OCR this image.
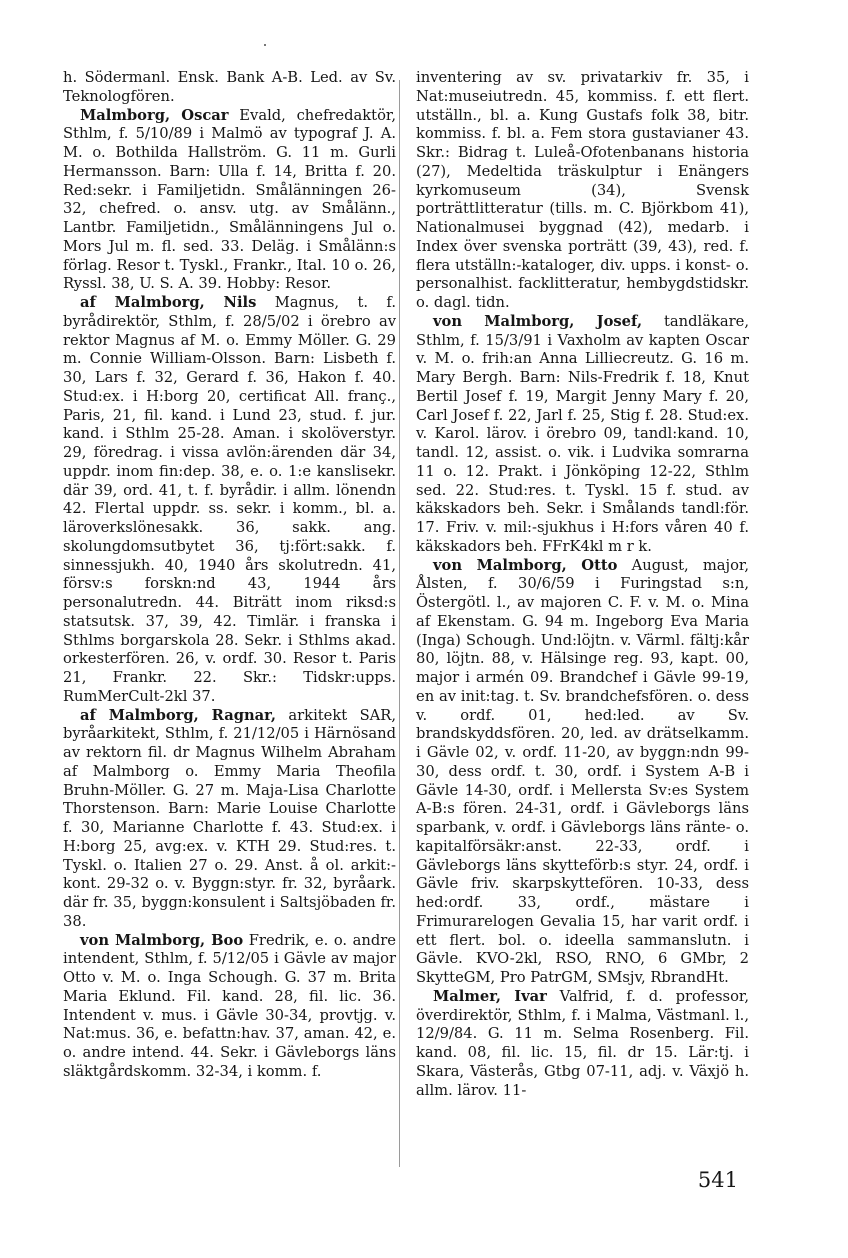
h. Södermanl. Ensk. Bank A-B. Led. av Sv. Teknologfören.

Malmborg, Oscar Evald, chefredaktör, Sthlm, f. 5/10/89 i Malmö av typograf J. A. M. o. Bothilda Hallström. G. 11 m. Gurli Hermansson. Barn: Ulla f. 14, Britta f. 20. Red:sekr. i Familjetidn. Smålänningen 26-32, chefred. o. ansv. utg. av Smålänn., Lantbr. Familjetidn., Smålänningens Jul o. Mors Jul m. fl. sed. 33. Deläg. i Smålänn:s förlag. Resor t. Tyskl., Frankr., Ital. 10 o. 26, Ryssl. 38, U. S. A. 39. Hobby: Resor.

af Malmborg, Nils Magnus, t. f. byrådirektör, Sthlm, f. 28/5/02 i örebro av rektor Magnus af M. o. Emmy Möller. G. 29 m. Connie William-Olsson. Barn: Lisbeth f. 30, Lars f. 32, Gerard f. 36, Hakon f. 40. Stud:ex. i H:borg 20, certificat All. franç., Paris, 21, fil. kand. i Lund 23, stud. f. jur. kand. i Sthlm 25-28. Aman. i skolöverstyr. 29, föredrag. i vissa avlön:ärenden där 34, uppdr. inom fin:dep. 38, e. o. 1:e kanslisekr. där 39, ord. 41, t. f. byrådir. i allm. lönendn 42. Flertal uppdr. ss. sekr. i komm., bl. a. läroverkslönesakk. 36, sakk. ang. skolungdomsutbytet 36, tj:fört:sakk. f. sinnessjukh. 40, 1940 års skolutredn. 41, försv:s forskn:nd 43, 1944 års personalutredn. 44. Biträtt inom riksd:s statsutsk. 37, 39, 42. Timlär. i franska i Sthlms borgarskola 28. Sekr. i Sthlms akad. orkesterfören. 26, v. ordf. 30. Resor t. Paris 21, Frankr. 22. Skr.: Tidskr:upps. RumMerCult-2kl 37.

af Malmborg, Ragnar, arkitekt SAR, byråarkitekt, Sthlm, f. 21/12/05 i Härnösand av rektorn fil. dr Magnus Wilhelm Abraham af Malmborg o. Emmy Maria Theofila Bruhn-Möller. G. 27 m. Maja-Lisa Charlotte Thorstenson. Barn: Marie Louise Charlotte f. 30, Marianne Charlotte f. 43. Stud:ex. i H:borg 25, avg:ex. v. KTH 29. Stud:res. t. Tyskl. o. Italien 27 o. 29. Anst. å ol. arkit:-kont. 29-32 o. v. Byggn:styr. fr. 32, byråark. där fr. 35, byggn:konsulent i Saltsjöbaden fr. 38.

von Malmborg, Boo Fredrik, e. o. andre intendent, Sthlm, f. 5/12/05 i Gävle av major Otto v. M. o. Inga Schough. G. 37 m. Brita Maria Eklund. Fil. kand. 28, fil. lic. 36. Intendent v. mus. i Gävle 30-34, provtjg. v. Nat:mus. 36, e. befattn:hav. 37, aman. 42, e. o. andre intend. 44. Sekr. i Gävleborgs läns släktgårdskomm. 32-34, i komm. f.

inventering av sv. privatarkiv fr. 35, i Nat:museiutredn. 45, kommiss. f. ett flert. utställn., bl. a. Kung Gustafs folk 38, bitr. kommiss. f. bl. a. Fem stora gustavianer 43. Skr.: Bidrag t. Luleå-Ofotenbanans historia (27), Medeltida träskulptur i Enängers kyrkomuseum (34), Svensk porträttlitteratur (tills. m. C. Björkbom 41), Nationalmusei byggnad (42), medarb. i Index över svenska porträtt (39, 43), red. f. flera utställn:-kataloger, div. upps. i konst- o. personalhist. facklitteratur, hembygdstidskr. o. dagl. tidn.

von Malmborg, Josef, tandläkare, Sthlm, f. 15/3/91 i Vaxholm av kapten Oscar v. M. o. frih:an Anna Lilliecreutz. G. 16 m. Mary Bergh. Barn: Nils-Fredrik f. 18, Knut Bertil Josef f. 19, Margit Jenny Mary f. 20, Carl Josef f. 22, Jarl f. 25, Stig f. 28. Stud:ex. v. Karol. lärov. i örebro 09, tandl:kand. 10, tandl. 12, assist. o. vik. i Ludvika somrarna 11 o. 12. Prakt. i Jönköping 12-22, Sthlm sed. 22. Stud:res. t. Tyskl. 15 f. stud. av käkskadors beh. Sekr. i Smålands tandl:för. 17. Friv. v. mil:-sjukhus i H:fors våren 40 f. käkskadors beh. FFrK4kl m r k.

von Malmborg, Otto August, major, Ålsten, f. 30/6/59 i Furingstad s:n, Östergötl. l., av majoren C. F. v. M. o. Mina af Ekenstam. G. 94 m. Ingeborg Eva Maria (Inga) Schough. Und:löjtn. v. Värml. fältj:kår 80, löjtn. 88, v. Hälsinge reg. 93, kapt. 00, major i armén 09. Brandchef i Gävle 99-19, en av init:tag. t. Sv. brandchefsfören. o. dess v. ordf. 01, hed:led. av Sv. brandskyddsfören. 20, led. av drätselkamm. i Gävle 02, v. ordf. 11-20, av byggn:ndn 99-30, dess ordf. t. 30, ordf. i System A-B i Gävle 14-30, ordf. i Mellersta Sv:es System A-B:s fören. 24-31, ordf. i Gävleborgs läns sparbank, v. ordf. i Gävleborgs läns ränte- o. kapitalförsäkr:anst. 22-33, ordf. i Gävleborgs läns skytteförb:s styr. 24, ordf. i Gävle friv. skarpskyttefören. 10-33, dess hed:ordf. 33, ordf., mästare i Frimurarelogen Gevalia 15, har varit ordf. i ett flert. bol. o. ideella sammanslutn. i Gävle. KVO-2kl, RSO, RNO, 6 GMbr, 2 SkytteGM, Pro PatrGM, SMsjv, RbrandHt.

Malmer, Ivar Valfrid, f. d. professor, överdirektör, Sthlm, f. i Malma, Västmanl. l., 12/9/84. G. 11 m. Selma Rosenberg. Fil. kand. 08, fil. lic. 15, fil. dr 15. Lär:tj. i Skara, Västerås, Gtbg 07-11, adj. v. Växjö h. allm. lärov. 11-

541
